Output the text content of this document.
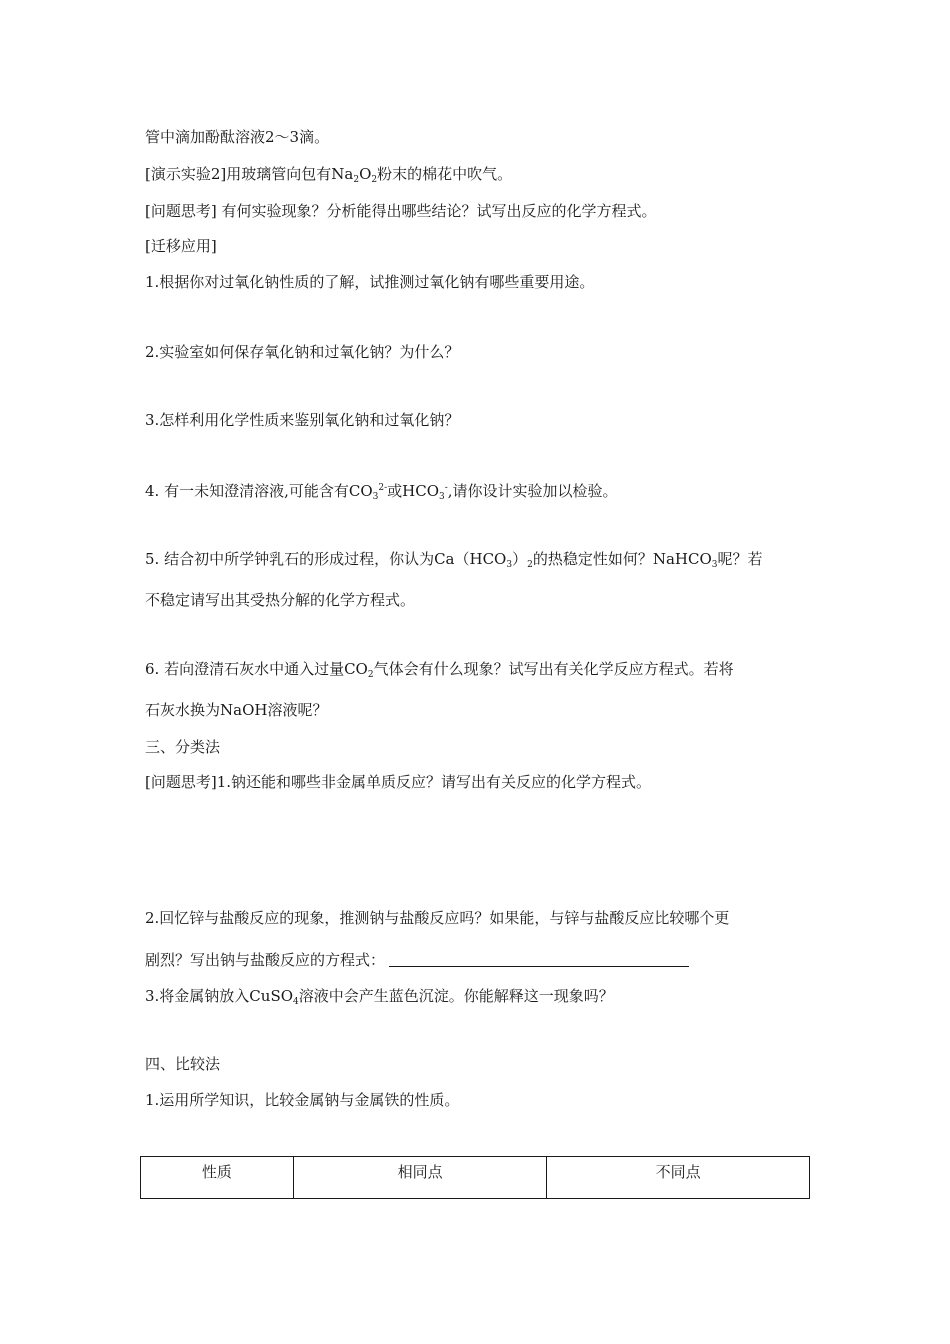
管中滴加酚酞溶液2～3滴。
[演示实验2]用玻璃管向包有$Na_2O_2$粉末的棉花中吹气。
[问题思考] 有何实验现象？分析能得出哪些结论？试写出反应的化学方程式。
[迁移应用]
1.根据你对过氧化钠性质的了解，试推测过氧化钠有哪些重要用途。
2.实验室如何保存氧化钠和过氧化钠？为什么？
3.怎样利用化学性质来鉴别氧化钠和过氧化钠？
4. 有一未知澄清溶液,可能含有$CO_3^{2-}$或$HCO_3^-$,请你设计实验加以检验。
5. 结合初中所学钟乳石的形成过程，你认为$Ca(HCO_3)_2$的热稳定性如何？NaHCO$_3$呢？若
不稳定请写出其受热分解的化学方程式。
6. 若向澄清石灰水中通入过量$CO_2$气体会有什么现象？试写出有关化学反应方程式。若将
石灰水换为NaOH溶液呢？
三、分类法
[问题思考]1.钠还能和哪些非金属单质反应？请写出有关反应的化学方程式。
2.回忆锌与盐酸反应的现象，推测钠与盐酸反应吗？如果能，与锌与盐酸反应比较哪个更
剧烈？写出钠与盐酸反应的方程式：
3.将金属钠放入CuSO$_4$溶液中会产生蓝色沉淀。你能解释这一现象吗？
四、比较法
1.运用所学知识，比较金属钠与金属铁的性质。
性质	相同点	不同点
